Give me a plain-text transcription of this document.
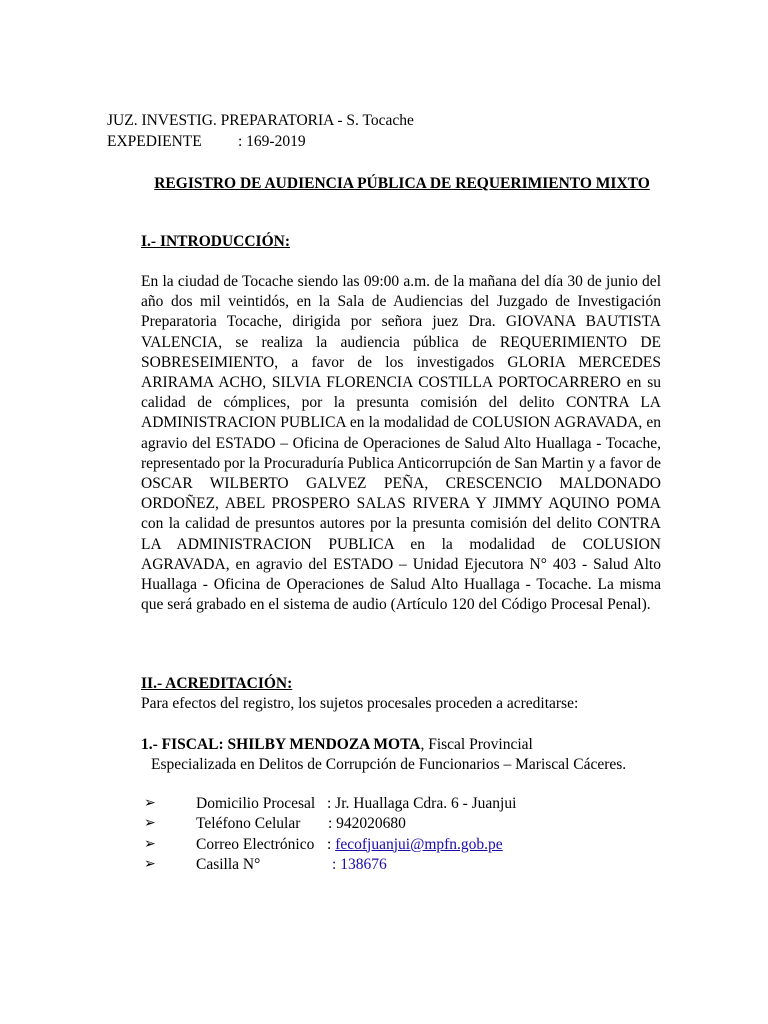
JUZ. INVESTIG. PREPARATORIA - S. Tocache
EXPEDIENTE : 169-2019
REGISTRO DE AUDIENCIA PÚBLICA DE REQUERIMIENTO MIXTO
I.- INTRODUCCIÓN:
En la ciudad de Tocache siendo las 09:00 a.m. de la mañana del día 30 de junio del año dos mil veintidós, en la Sala de Audiencias del Juzgado de Investigación Preparatoria Tocache, dirigida por señora juez Dra. GIOVANA BAUTISTA VALENCIA, se realiza la audiencia pública de REQUERIMIENTO DE SOBRESEIMIENTO, a favor de los investigados GLORIA MERCEDES ARIRAMA ACHO, SILVIA FLORENCIA COSTILLA PORTOCARRERO en su calidad de cómplices, por la presunta comisión del delito CONTRA LA ADMINISTRACION PUBLICA en la modalidad de COLUSION AGRAVADA, en agravio del ESTADO – Oficina de Operaciones de Salud Alto Huallaga - Tocache, representado por la Procuraduría Publica Anticorrupción de San Martin y a favor de OSCAR WILBERTO GALVEZ PEÑA, CRESCENCIO MALDONADO ORDOÑEZ, ABEL PROSPERO SALAS RIVERA Y JIMMY AQUINO POMA con la calidad de presuntos autores por la presunta comisión del delito CONTRA LA ADMINISTRACION PUBLICA en la modalidad de COLUSION AGRAVADA, en agravio del ESTADO – Unidad Ejecutora N° 403 - Salud Alto Huallaga - Oficina de Operaciones de Salud Alto Huallaga - Tocache. La misma que será grabado en el sistema de audio (Artículo 120 del Código Procesal Penal).
II.- ACREDITACIÓN:
Para efectos del registro, los sujetos procesales proceden a acreditarse:
1.- FISCAL: SHILBY MENDOZA MOTA, Fiscal Provincial
Especializada en Delitos de Corrupción de Funcionarios – Mariscal Cáceres.
➢	Domicilio Procesal : Jr. Huallaga Cdra. 6 - Juanjui
➢	Teléfono Celular : 942020680
➢	Correo Electrónico : fecofjuanjui@mpfn.gob.pe
➢	Casilla N°	: 138676
